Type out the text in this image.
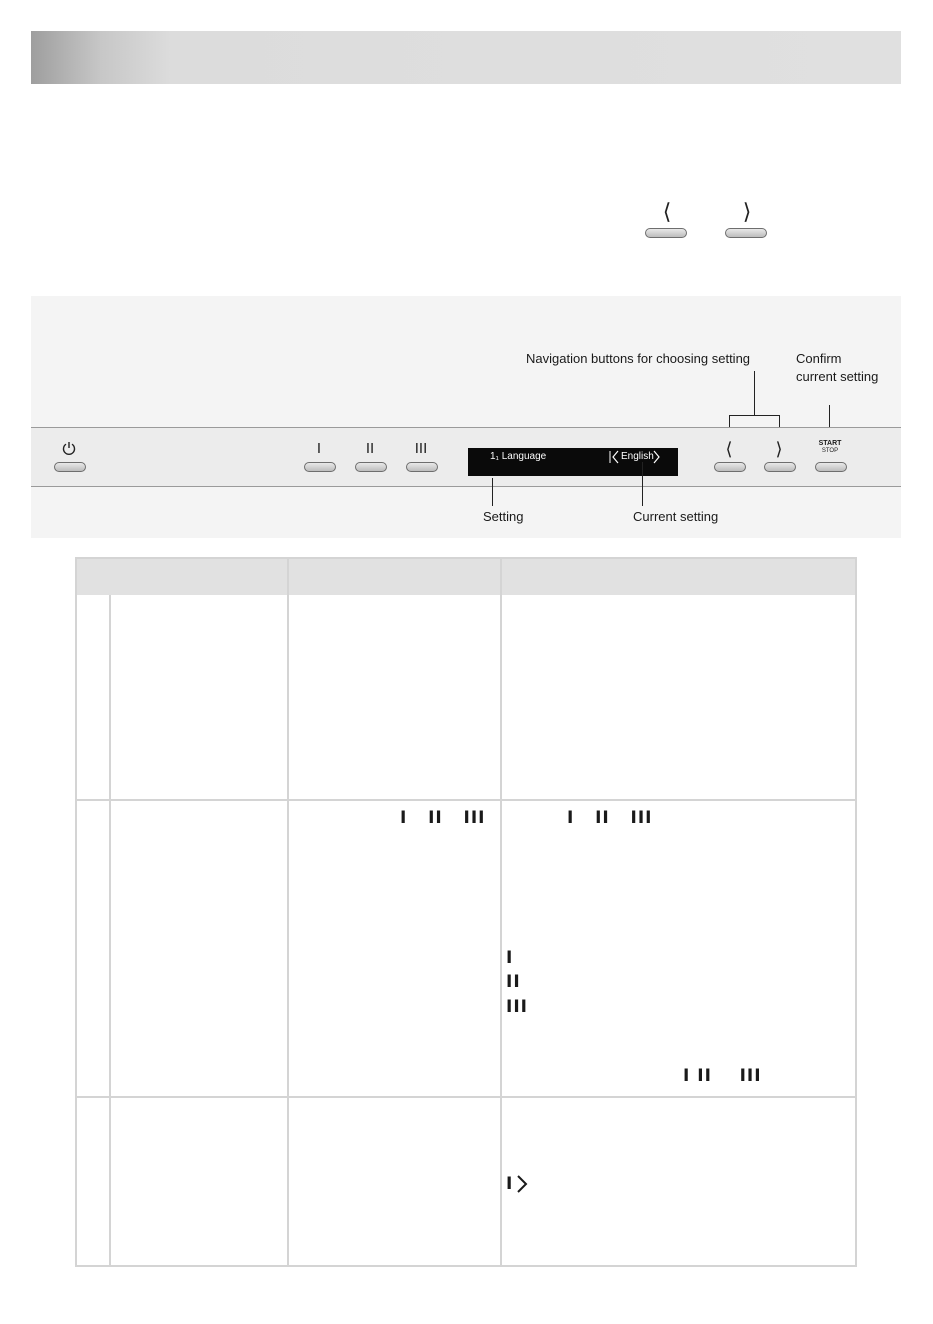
⟨	⟩
Navigation buttons for choosing setting	Confirm
current setting
I	II	III	1₁ Language	English	⟨	⟩	START
STOP
Setting	Current setting
I II III	I II III
I
II
III
I II III
I
